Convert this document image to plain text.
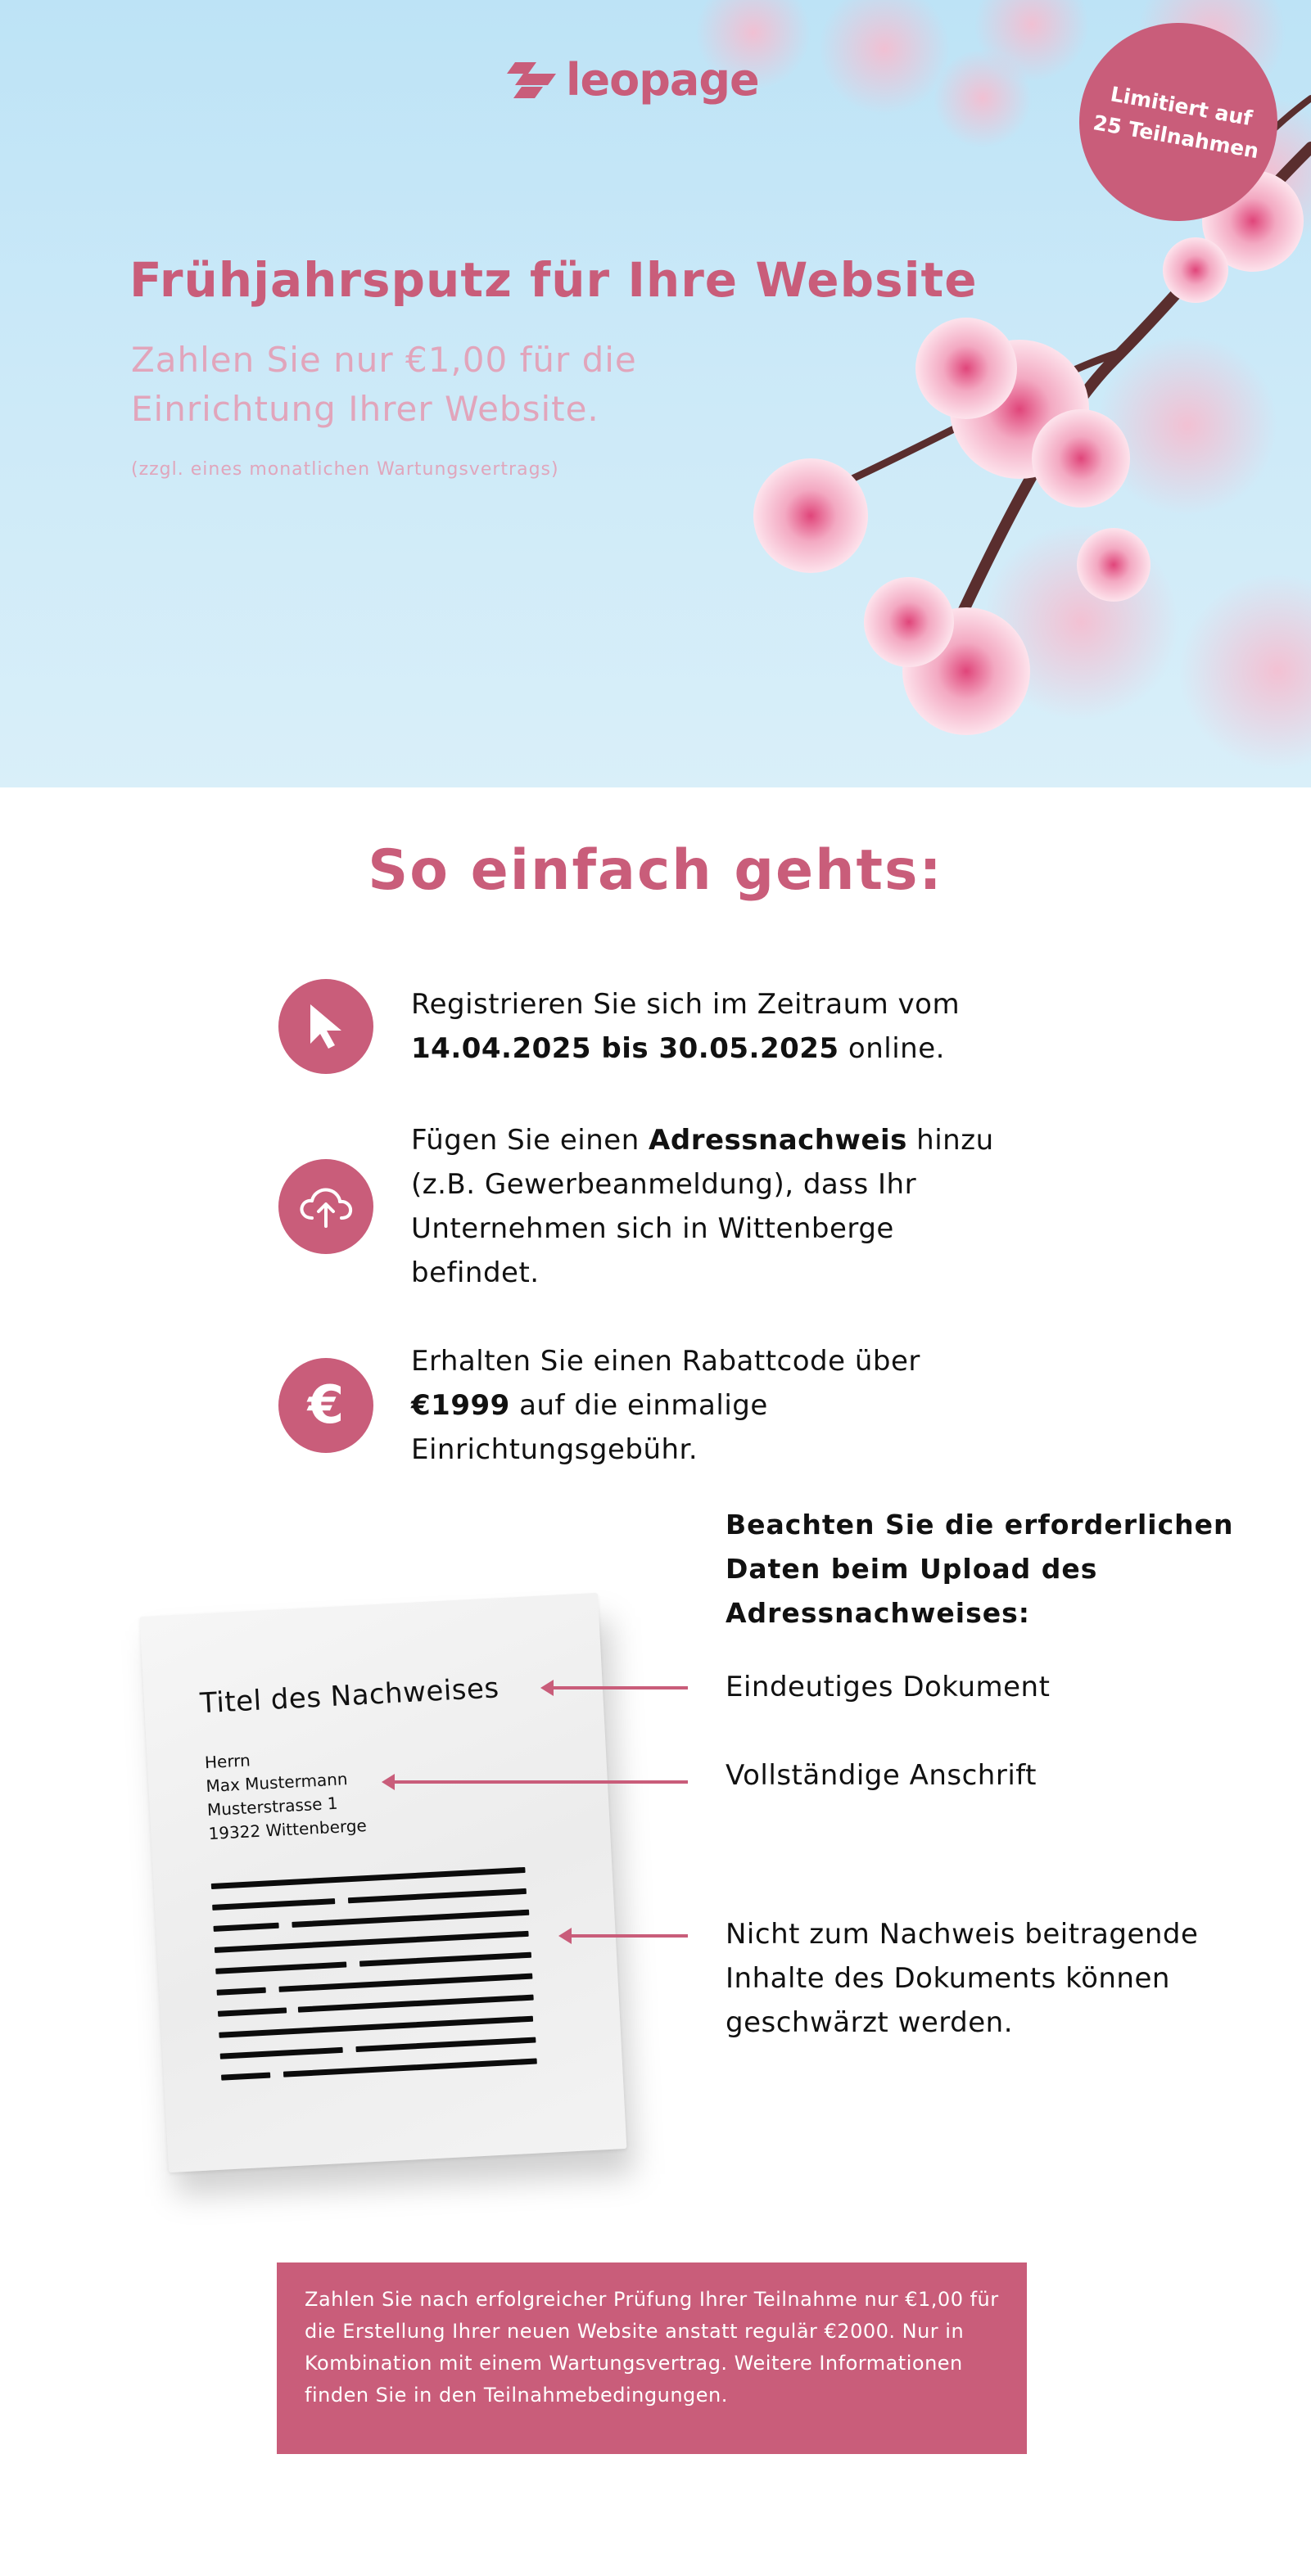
leopage
Limitiert auf
25 Teilnahmen
Frühjahrsputz für Ihre Website

Zahlen Sie nur €1,00 für die Einrichtung Ihrer Website.

(zzgl. eines monatlichen Wartungsvertrags)

So einfach gehts:

Registrieren Sie sich im Zeitraum vom
14.04.2025 bis 30.05.2025 online.

Fügen Sie einen Adressnachweis hinzu (z.B. Gewerbeanmeldung), dass Ihr Unternehmen sich in Wittenberge befindet.

€

Erhalten Sie einen Rabattcode über
€1999 auf die einmalige Einrichtungsgebühr.

Beachten Sie die erforderlichen Daten beim Upload des Adressnachweises:

Titel des Nachweises
Herrn
Max Mustermann
Musterstrasse 1
19322 Wittenberge

Eindeutiges Dokument

Vollständige Anschrift

Nicht zum Nachweis beitragende Inhalte des Dokuments können geschwärzt werden.

Zahlen Sie nach erfolgreicher Prüfung Ihrer Teilnahme nur €1,00 für die Erstellung Ihrer neuen Website anstatt regulär €2000. Nur in Kombination mit einem Wartungsvertrag. Weitere Informationen finden Sie in den Teilnahmebedingungen.
